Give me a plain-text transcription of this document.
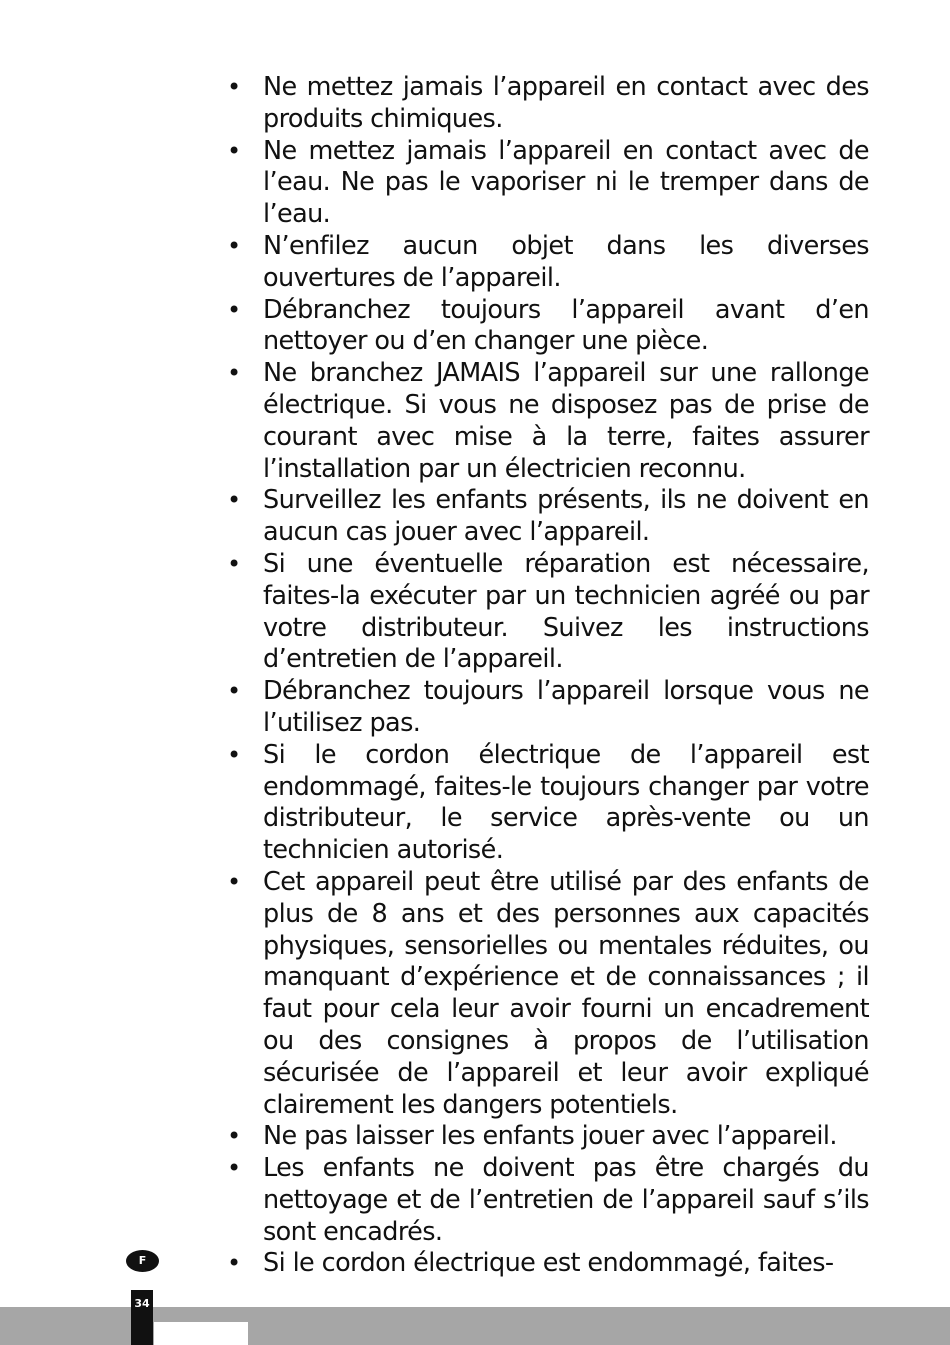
• Ne mettez jamais l’appareil en contact avec des produits chimiques.
• Ne mettez jamais l’appareil en contact avec de l’eau. Ne pas le vaporiser ni le tremper dans de l’eau.
• N’enfilez aucun objet dans les diverses ouvertures de l’appareil.
• Débranchez toujours l’appareil avant d’en nettoyer ou d’en changer une pièce.
• Ne branchez JAMAIS l’appareil sur une rallonge électrique. Si vous ne disposez pas de prise de courant avec mise à la terre, faites assurer l’installation par un électricien reconnu.
• Surveillez les enfants présents, ils ne doivent en aucun cas jouer avec l’appareil.
• Si une éventuelle réparation est nécessaire, faites-la exécuter par un technicien agréé ou par votre distributeur. Suivez les instructions d’entretien de l’appareil.
• Débranchez toujours l’appareil lorsque vous ne l’utilisez pas.
• Si le cordon électrique de l’appareil est endommagé, faites-le toujours changer par votre distributeur, le service après-vente ou un technicien autorisé.
• Cet appareil peut être utilisé par des enfants de plus de 8 ans et des personnes aux capacités physiques, sensorielles ou mentales réduites, ou manquant d’expérience et de connaissances ; il faut pour cela leur avoir fourni un encadrement ou des consignes à propos de l’utilisation sécurisée de l’appareil et leur avoir expliqué clairement les dangers potentiels.
• Ne pas laisser les enfants jouer avec l’appareil.
• Les enfants ne doivent pas être chargés du nettoyage et de l’entretien de l’appareil sauf s’ils sont encadrés.
• Si le cordon électrique est endommagé, faites-
F
34
